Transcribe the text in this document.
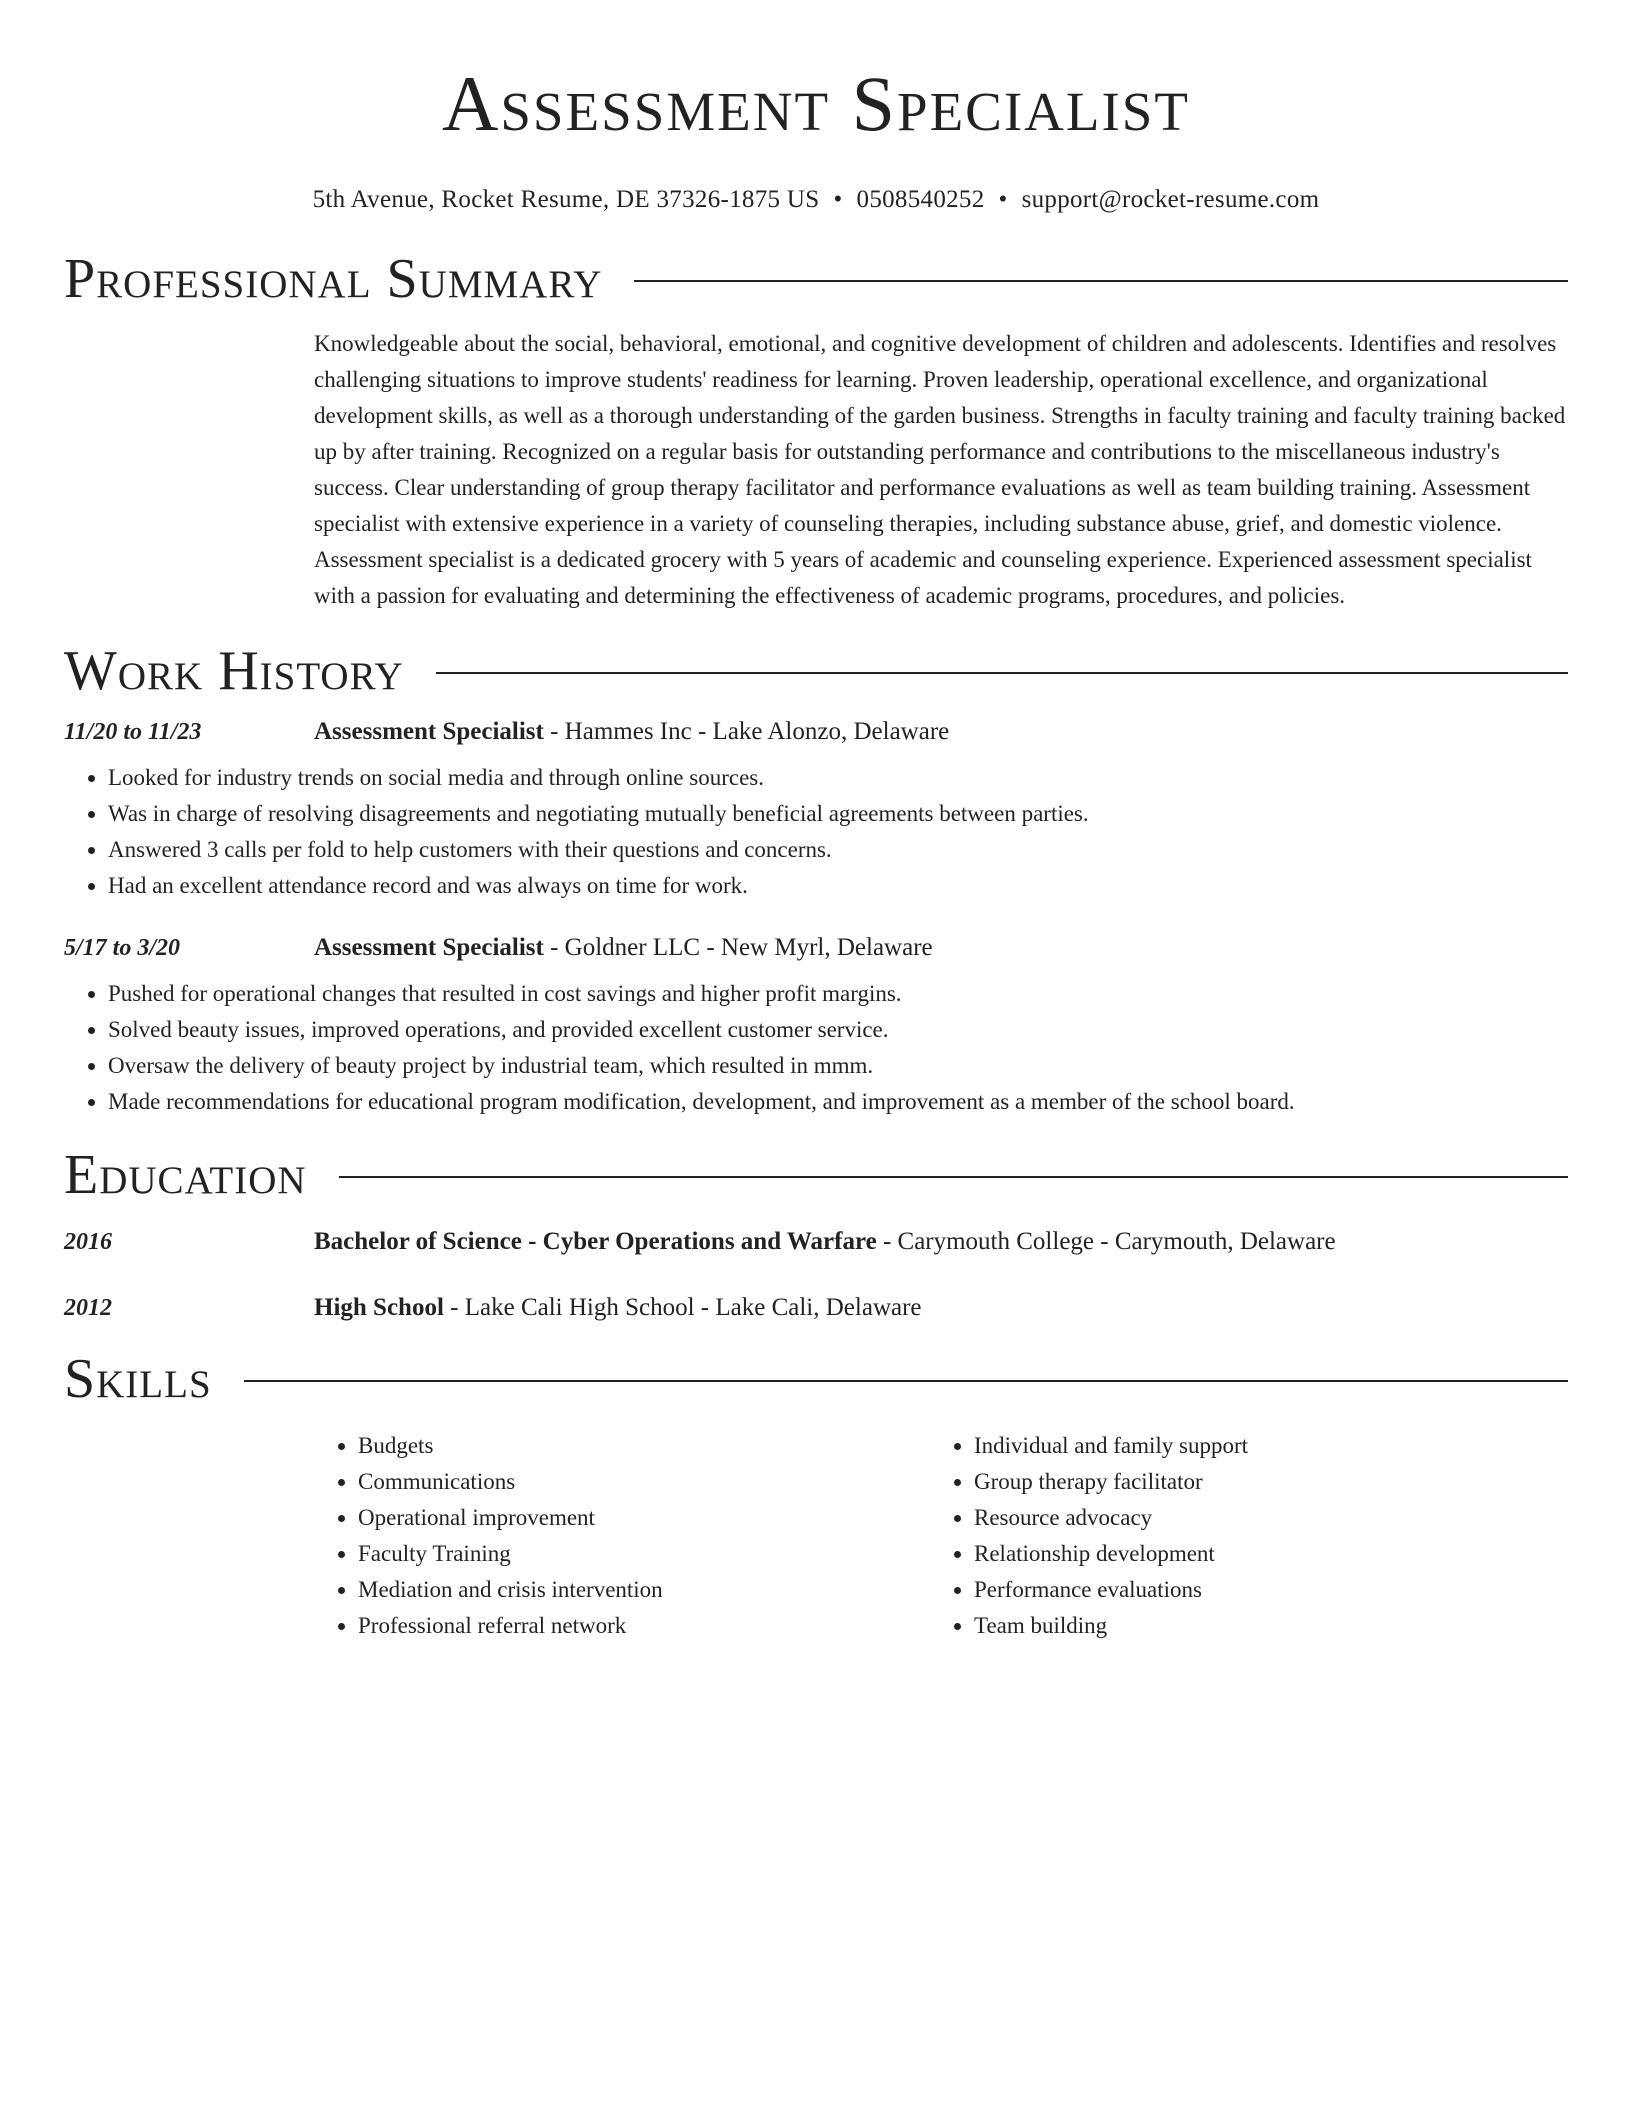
Assessment Specialist
5th Avenue, Rocket Resume, DE 37326-1875 US • 0508540252 • support@rocket-resume.com
Professional Summary
Knowledgeable about the social, behavioral, emotional, and cognitive development of children and adolescents. Identifies and resolves challenging situations to improve students' readiness for learning. Proven leadership, operational excellence, and organizational development skills, as well as a thorough understanding of the garden business. Strengths in faculty training and faculty training backed up by after training. Recognized on a regular basis for outstanding performance and contributions to the miscellaneous industry's success. Clear understanding of group therapy facilitator and performance evaluations as well as team building training. Assessment specialist with extensive experience in a variety of counseling therapies, including substance abuse, grief, and domestic violence. Assessment specialist is a dedicated grocery with 5 years of academic and counseling experience. Experienced assessment specialist with a passion for evaluating and determining the effectiveness of academic programs, procedures, and policies.
Work History
11/20 to 11/23	Assessment Specialist - Hammes Inc - Lake Alonzo, Delaware
• Looked for industry trends on social media and through online sources.
• Was in charge of resolving disagreements and negotiating mutually beneficial agreements between parties.
• Answered 3 calls per fold to help customers with their questions and concerns.
• Had an excellent attendance record and was always on time for work.
5/17 to 3/20	Assessment Specialist - Goldner LLC - New Myrl, Delaware
• Pushed for operational changes that resulted in cost savings and higher profit margins.
• Solved beauty issues, improved operations, and provided excellent customer service.
• Oversaw the delivery of beauty project by industrial team, which resulted in mmm.
• Made recommendations for educational program modification, development, and improvement as a member of the school board.
Education
2016	Bachelor of Science - Cyber Operations and Warfare - Carymouth College - Carymouth, Delaware
2012	High School - Lake Cali High School - Lake Cali, Delaware
Skills
• Budgets
• Communications
• Operational improvement
• Faculty Training
• Mediation and crisis intervention
• Professional referral network
• Individual and family support
• Group therapy facilitator
• Resource advocacy
• Relationship development
• Performance evaluations
• Team building
